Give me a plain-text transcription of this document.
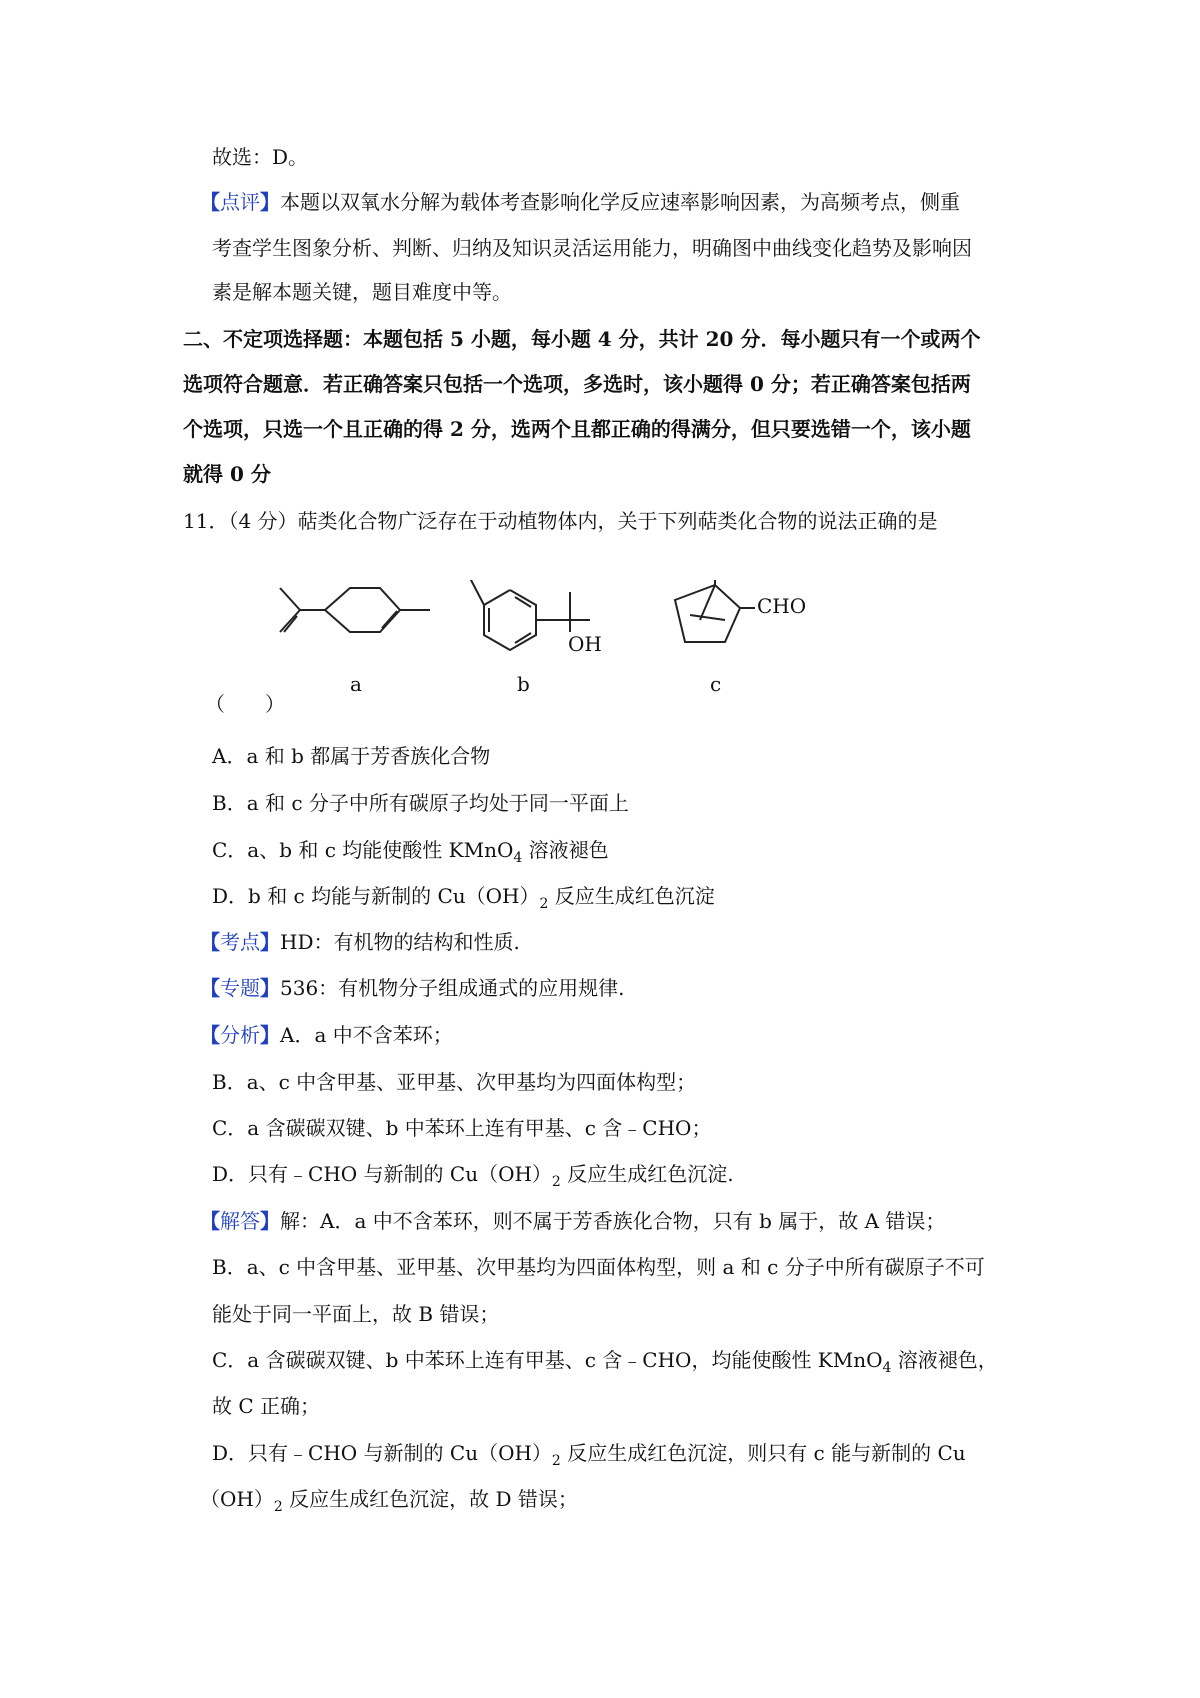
故选：D。
【点评】本题以双氧水分解为载体考查影响化学反应速率影响因素，为高频考点，侧重
考查学生图象分析、判断、归纳及知识灵活运用能力，明确图中曲线变化趋势及影响因
素是解本题关键，题目难度中等。
二、不定项选择题：本题包括 5 小题，每小题 4 分，共计 20 分．每小题只有一个或两个
选项符合题意．若正确答案只包括一个选项，多选时，该小题得 0 分；若正确答案包括两
个选项，只选一个且正确的得 2 分，选两个且都正确的得满分，但只要选错一个，该小题
就得 0 分
11．（4 分）萜类化合物广泛存在于动植物体内，关于下列萜类化合物的说法正确的是
a	b	c
OH
CHO
（　　）
A．a 和 b 都属于芳香族化合物
B．a 和 c 分子中所有碳原子均处于同一平面上
C．a、b 和 c 均能使酸性 KMnO$_4$ 溶液褪色
D．b 和 c 均能与新制的 $Cu(OH)_2$ 反应生成红色沉淀
【考点】HD：有机物的结构和性质.
【专题】536：有机物分子组成通式的应用规律.
【分析】A．a 中不含苯环；
B．a、c 中含甲基、亚甲基、次甲基均为四面体构型；
C．a 含碳碳双键、b 中苯环上连有甲基、c 含﹣CHO；
D．只有﹣CHO 与新制的 $Cu(OH)_2$ 反应生成红色沉淀.
【解答】解：A．a 中不含苯环，则不属于芳香族化合物，只有 b 属于，故 A 错误；
B．a、c 中含甲基、亚甲基、次甲基均为四面体构型，则 a 和 c 分子中所有碳原子不可
能处于同一平面上，故 B 错误；
C．a 含碳碳双键、b 中苯环上连有甲基、c 含﹣CHO，均能使酸性 KMnO$_4$ 溶液褪色，
故 C 正确；
D．只有﹣CHO 与新制的 $Cu(OH)_2$ 反应生成红色沉淀，则只有 c 能与新制的 Cu
$(OH)_2$ 反应生成红色沉淀，故 D 错误；
